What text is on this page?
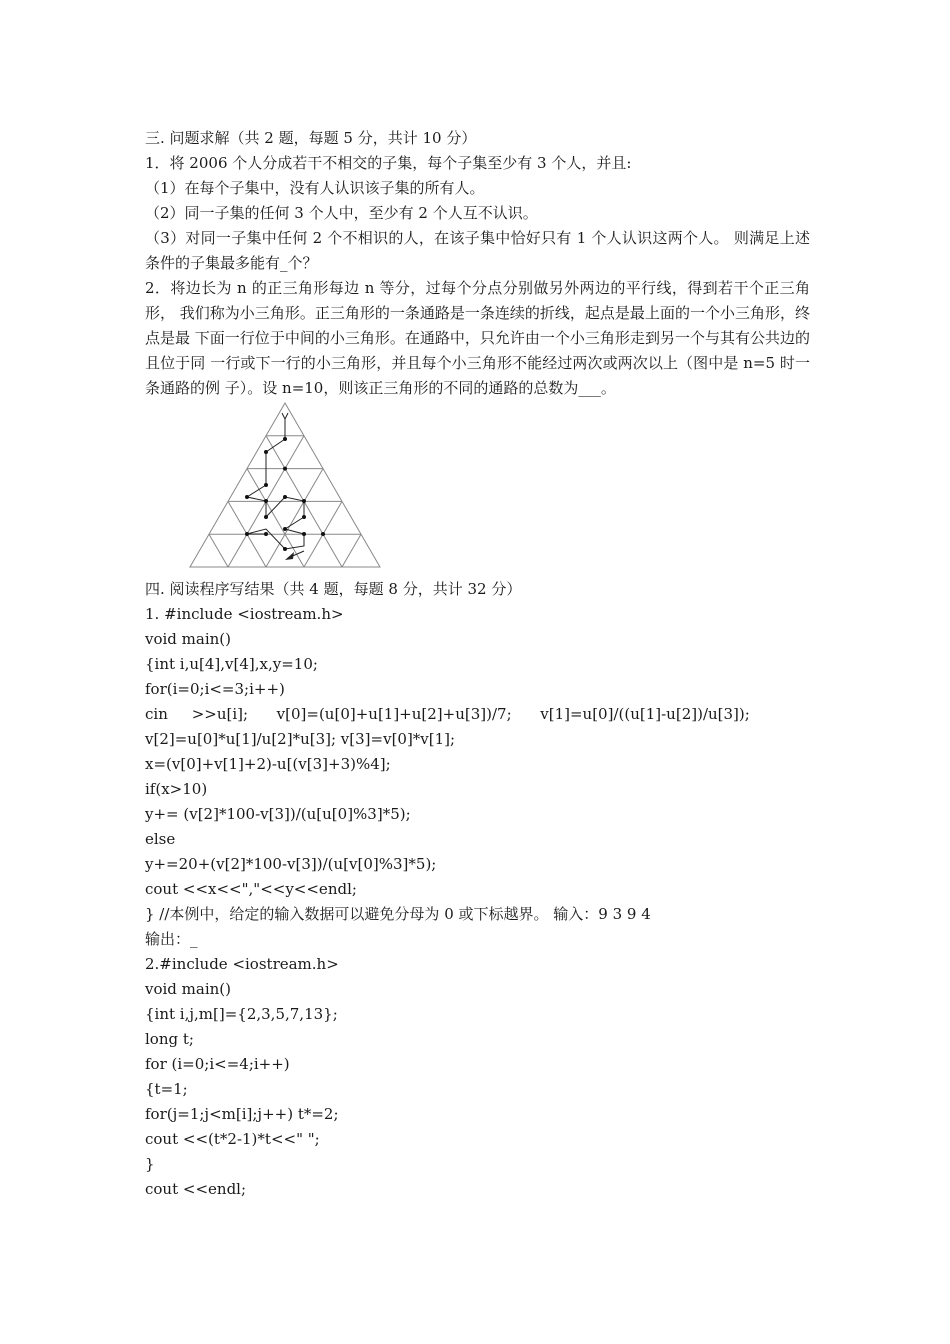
三. 问题求解（共 2 题，每题 5 分，共计 10 分）
1．将 2006 个人分成若干不相交的子集，每个子集至少有 3 个人，并且:
（1）在每个子集中，没有人认识该子集的所有人。
（2）同一子集的任何 3 个人中，至少有 2 个人互不认识。
（3）对同一子集中任何 2 个不相识的人，在该子集中恰好只有 1 个人认识这两个人。 则满足上述条件的子集最多能有_个？
2．将边长为 n 的正三角形每边 n 等分，过每个分点分别做另外两边的平行线，得到若干个正三角形， 我们称为小三角形。正三角形的一条通路是一条连续的折线，起点是最上面的一个小三角形，终点是最 下面一行位于中间的小三角形。在通路中，只允许由一个小三角形走到另一个与其有公共边的且位于同 一行或下一行的小三角形，并且每个小三角形不能经过两次或两次以上（图中是 n=5 时一条通路的例 子）。设 n=10，则该正三角形的不同的通路的总数为___。
四. 阅读程序写结果（共 4 题，每题 8 分，共计 32 分）
1. #include <iostream.h>
void main()
{int i,u[4],v[4],x,y=10;
for(i=0;i<=3;i++)
cin     >>u[i];      v[0]=(u[0]+u[1]+u[2]+u[3])/7;      v[1]=u[0]/((u[1]-u[2])/u[3]);
v[2]=u[0]*u[1]/u[2]*u[3]; v[3]=v[0]*v[1];
x=(v[0]+v[1]+2)-u[(v[3]+3)%4];
if(x>10)
y+= (v[2]*100-v[3])/(u[u[0]%3]*5);
else
y+=20+(v[2]*100-v[3])/(u[v[0]%3]*5);
cout <<x<<","<<y<<endl;
} //本例中，给定的输入数据可以避免分母为 0 或下标越界。 输入：9 3 9 4
输出：_
2.#include <iostream.h>
void main()
{int i,j,m[]={2,3,5,7,13};
long t;
for (i=0;i<=4;i++)
{t=1;
for(j=1;j<m[i];j++) t*=2;
cout <<(t*2-1)*t<<" ";
}
cout <<endl;
